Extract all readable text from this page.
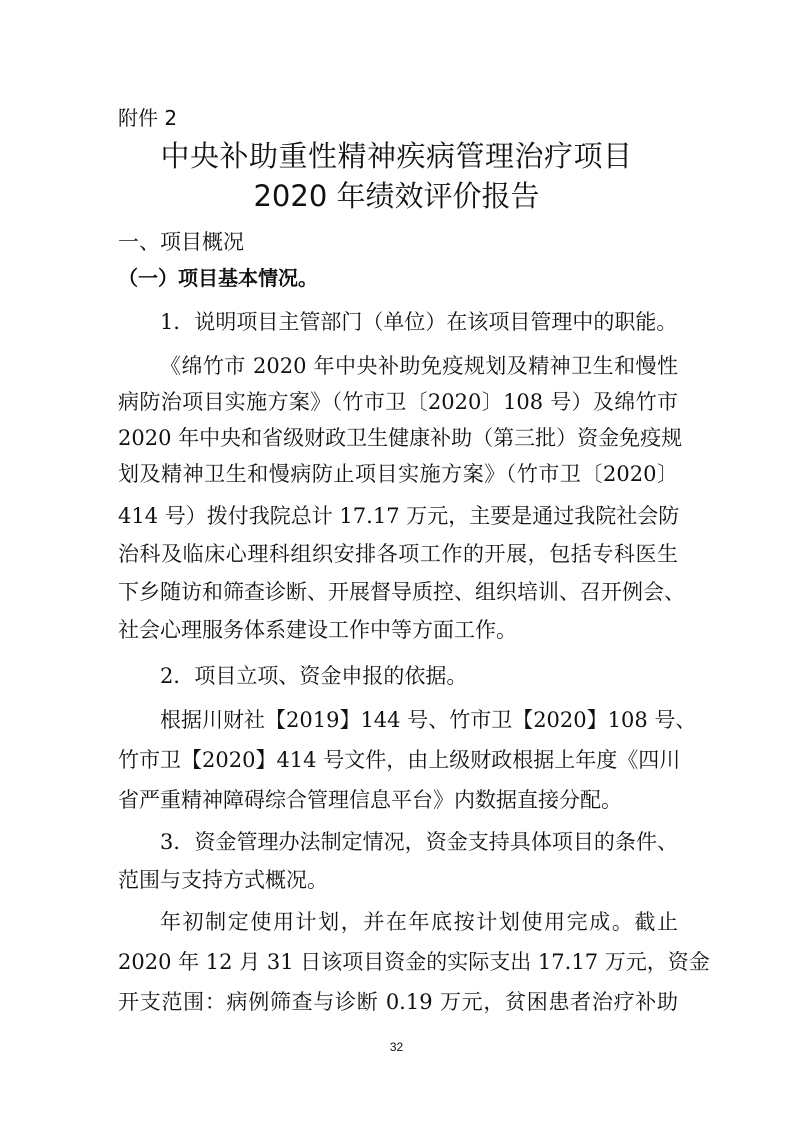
附件 2
中央补助重性精神疾病管理治疗项目
2020 年绩效评价报告
一、项目概况
（一）项目基本情况。
1．说明项目主管部门（单位）在该项目管理中的职能。
《绵竹市 2020 年中央补助免疫规划及精神卫生和慢性
病防治项目实施方案》（竹市卫〔2020〕108 号）及绵竹市
2020 年中央和省级财政卫生健康补助（第三批）资金免疫规
划及精神卫生和慢病防止项目实施方案》（竹市卫〔2020〕
414 号）拨付我院总计 17.17 万元，主要是通过我院社会防
治科及临床心理科组织安排各项工作的开展，包括专科医生
下乡随访和筛查诊断、开展督导质控、组织培训、召开例会、
社会心理服务体系建设工作中等方面工作。
2．项目立项、资金申报的依据。
根据川财社【2019】144 号、竹市卫【2020】108 号、
竹市卫【2020】414 号文件，由上级财政根据上年度《四川
省严重精神障碍综合管理信息平台》内数据直接分配。
3．资金管理办法制定情况，资金支持具体项目的条件、
范围与支持方式概况。
年初制定使用计划，并在年底按计划使用完成。截止
2020 年 12 月 31 日该项目资金的实际支出 17.17 万元，资金
开支范围：病例筛查与诊断 0.19 万元，贫困患者治疗补助
32
